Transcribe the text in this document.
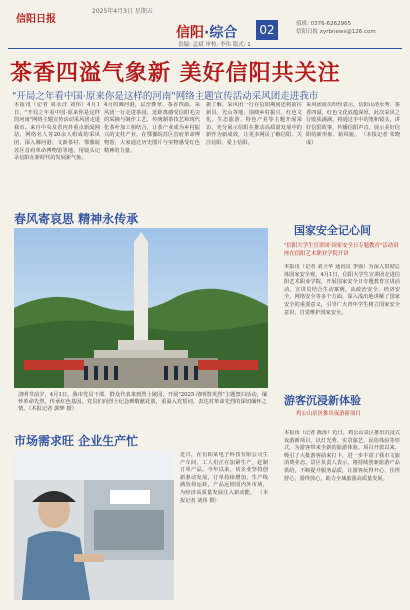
信阳日报
2025年4月3日 星期五
信阳·综合 02
责编: 孟斌 审校: 李伟 版式: 1
值班: 0376-6262965
信阳日报 xyrbnews@126.com
茶香四溢气象新 美好信阳共关注
"开局之年看中国·原来你是这样的河南"网络主题宣传活动采风团走进我市
本报讯（记者 周永洋 刘伟）4月1日，"开局之年看中国·原来你是这样的河南"网络主题宣传活动采风团走进我市。来自中央及省内外重点新闻网站、网络名人等20余人组成的采风团，深入浉河港、文新茶村、鄂豫皖苏区首府革命博物馆等地，用镜头记录信阳在新时代的发展新气象。
4月的浉河港，层峦叠翠，茶香四溢。采风团一行走进茶园，近距离感受信阳毛尖的采摘与制作工艺，传统制茶技艺和现代化茶叶加工相结合，让茶产业成为乡村振兴的支柱产业。在鄂豫皖苏区首府革命博物馆，大家通过历史图片与实物感受红色精神的力量。
据了解，采风团一行在信阳期间还将前往新县、光山等地，围绕乡村振兴、红色文化、生态旅游、特色产业等主题开展采访，充分展示信阳在推动高质量发展中的新作为新成效，让更多网民了解信阳、关注信阳、爱上信阳。
采风团成员纷纷表示，信阳山清水秀、茶香四溢，红色文化底蕴深厚，此次采风之行收获满满，将通过手中的笔和镜头，讲好信阳故事，传播信阳声音，展示美好信阳的新形象、新风貌。 （本报记者 朱晓成）
春风寄哀思 精神永传承
清明节前夕，4月1日，我市党员干部、群众代表来到烈士陵园，开展"2025·清明祭英烈"主题祭扫活动，缅怀革命先烈，传承红色基因。党员们向烈士纪念碑敬献花篮，重温入党誓词，表达对革命先烈的深切缅怀之情。（本报记者 郭梦 摄）
市场需求旺 企业生产忙
近日，在信阳某电子科技有限公司生产车间，工人们正在加紧生产，赶制订单产品。今年以来，该企业坚持创新驱动发展，订单持续增加，生产线满负荷运转，产品远销国内外市场，为经济高质量发展注入新动能。 （本报记者 刘伟 摄）
国家安全记心间
"信阳大学生宣讲团·国家安全日专题教育"活动讲座在信阳艺术职业学院开讲
本报讯（记者 刘卫华 通讯员 李强）为深入贯彻总体国家安全观，4月1日，信阳大学生宣讲团走进信阳艺术职业学院，开展国家安全日专题教育宣讲活动。宣讲员结合生动案例，从政治安全、经济安全、网络安全等多个方面，深入浅出地讲解了国家安全的重要意义，引导广大青年学生树立国家安全意识，自觉维护国家安全。
游客沉浸新体验
鸡公山景区推出夜游新项目
本报讯（记者 陈涛）近日，鸡公山景区推出沉浸式夜游新项目，以灯光秀、实景演艺、民俗体验等形式，为游客带来全新的旅游体验。项目开放以来，吸引了大批游客前来打卡，进一步丰富了我市文旅消费业态。景区负责人表示，将持续创新旅游产品供给，不断提升服务品质，让游客玩得开心、住得舒心、游得放心，助力全域旅游高质量发展。
